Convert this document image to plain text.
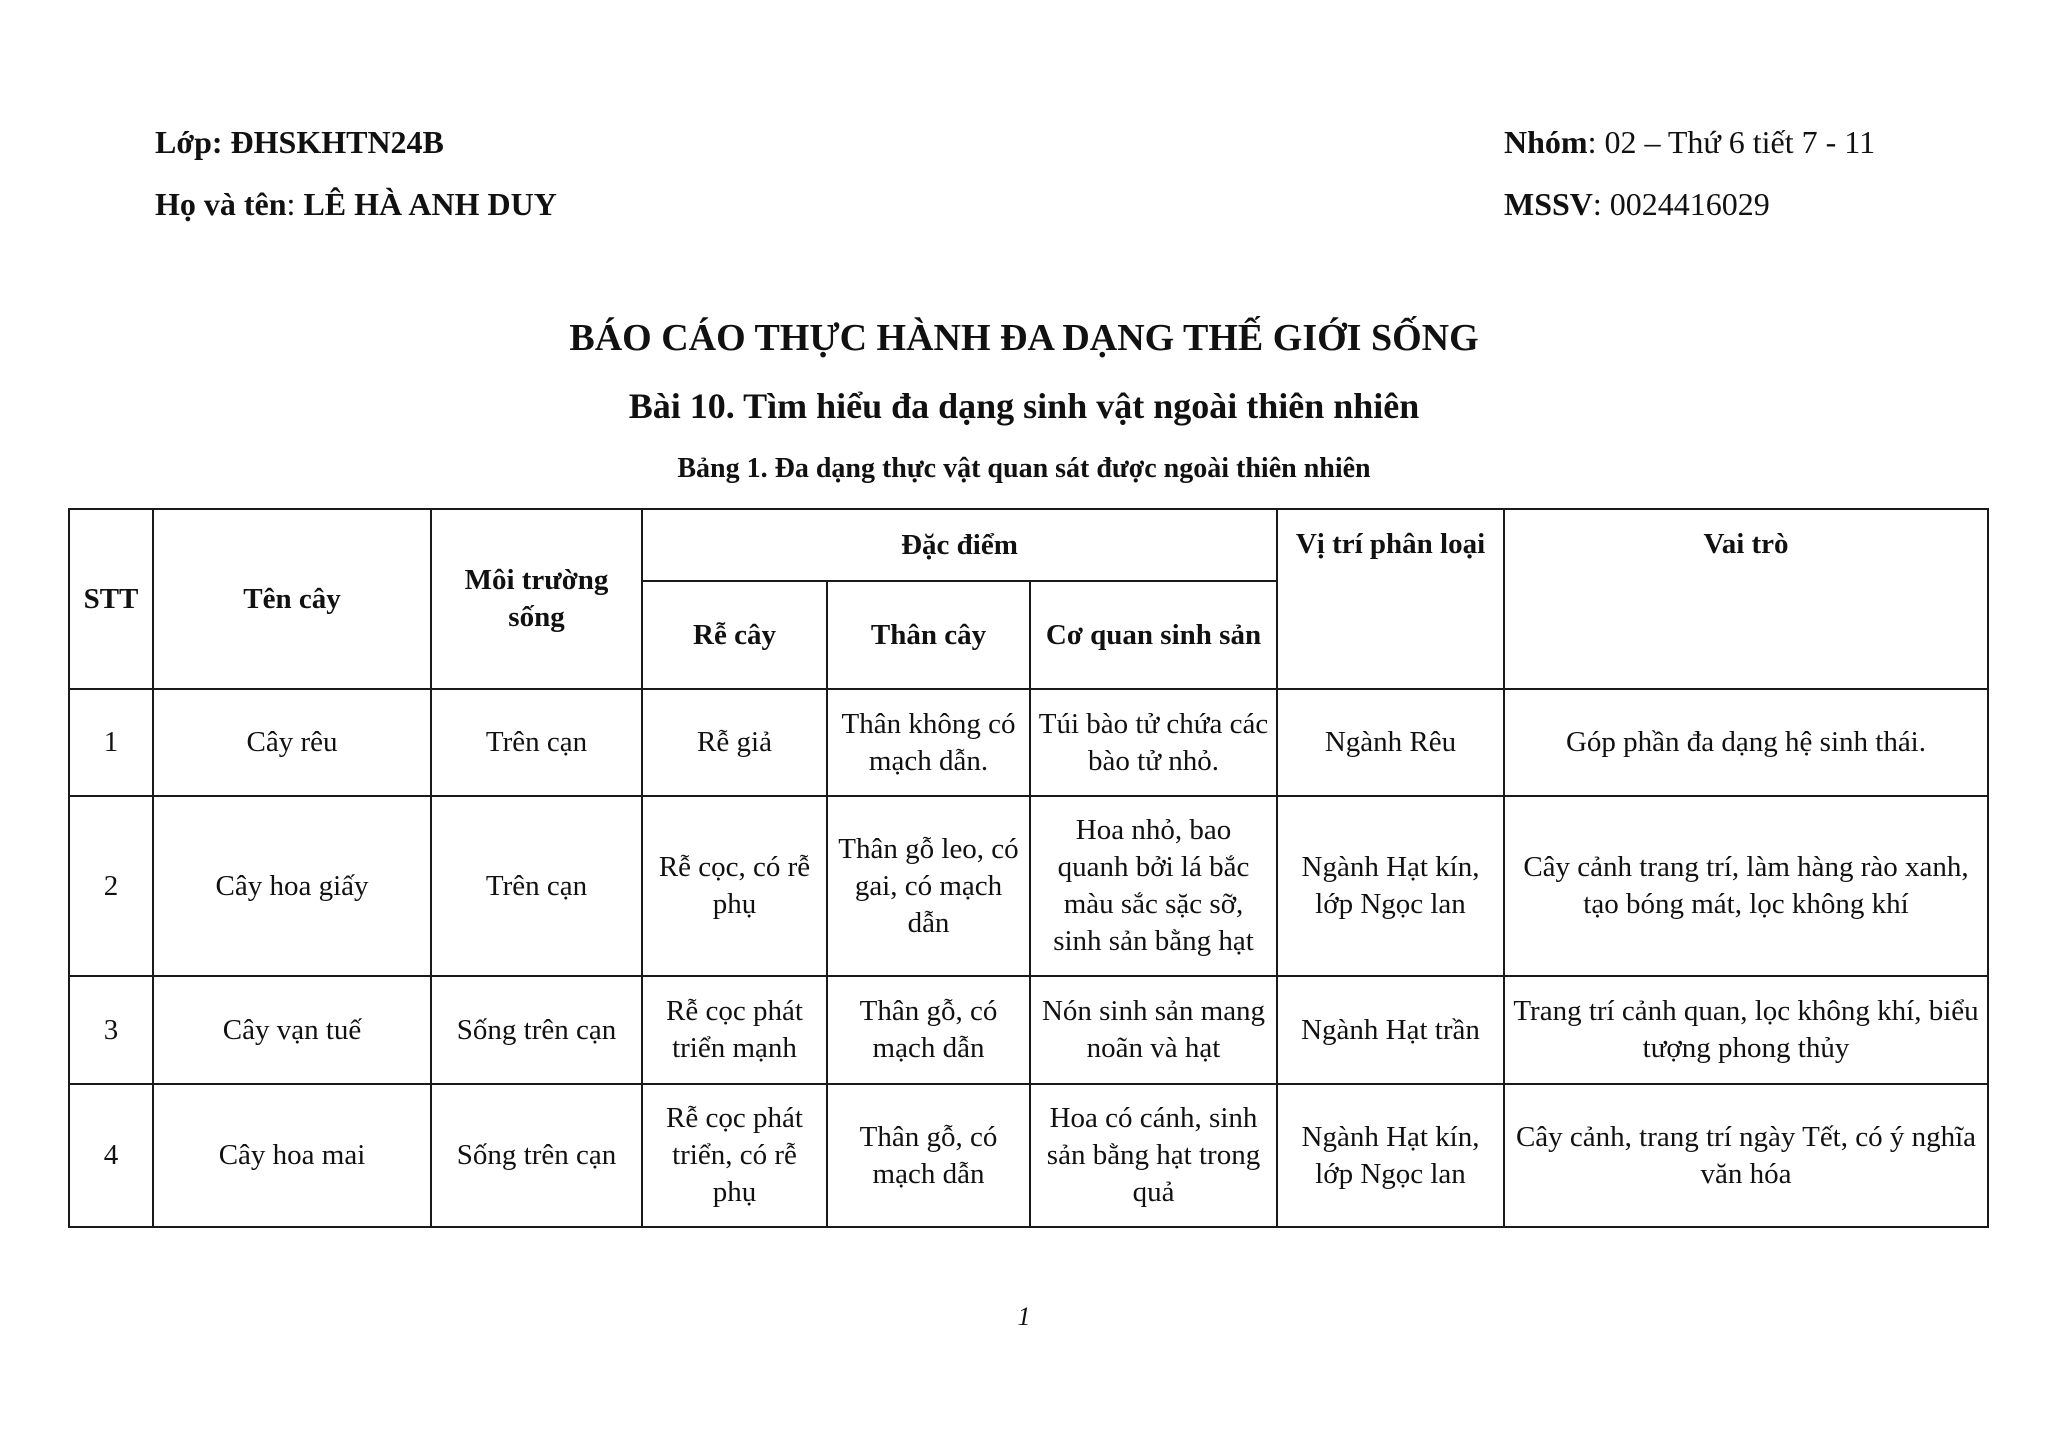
Lớp: ĐHSKHTN24B	Nhóm: 02 – Thứ 6 tiết 7 - 11
Họ và tên: LÊ HÀ ANH DUY	MSSV: 0024416029
BÁO CÁO THỰC HÀNH ĐA DẠNG THẾ GIỚI SỐNG
Bài 10. Tìm hiểu đa dạng sinh vật ngoài thiên nhiên
Bảng 1. Đa dạng thực vật quan sát được ngoài thiên nhiên
STT	Tên cây	Môi trường sống	Đặc điểm			Vị trí phân loại	Vai trò
			Rễ cây	Thân cây	Cơ quan sinh sản		
1	Cây rêu	Trên cạn	Rễ giả	Thân không có mạch dẫn.	Túi bào tử chứa các bào tử nhỏ.	Ngành Rêu	Góp phần đa dạng hệ sinh thái.
2	Cây hoa giấy	Trên cạn	Rễ cọc, có rễ phụ	Thân gỗ leo, có gai, có mạch dẫn	Hoa nhỏ, bao quanh bởi lá bắc màu sắc sặc sỡ, sinh sản bằng hạt	Ngành Hạt kín, lớp Ngọc lan	Cây cảnh trang trí, làm hàng rào xanh, tạo bóng mát, lọc không khí
3	Cây vạn tuế	Sống trên cạn	Rễ cọc phát triển mạnh	Thân gỗ, có mạch dẫn	Nón sinh sản mang noãn và hạt	Ngành Hạt trần	Trang trí cảnh quan, lọc không khí, biểu tượng phong thủy
4	Cây hoa mai	Sống trên cạn	Rễ cọc phát triển, có rễ phụ	Thân gỗ, có mạch dẫn	Hoa có cánh, sinh sản bằng hạt trong quả	Ngành Hạt kín, lớp Ngọc lan	Cây cảnh, trang trí ngày Tết, có ý nghĩa văn hóa
1
